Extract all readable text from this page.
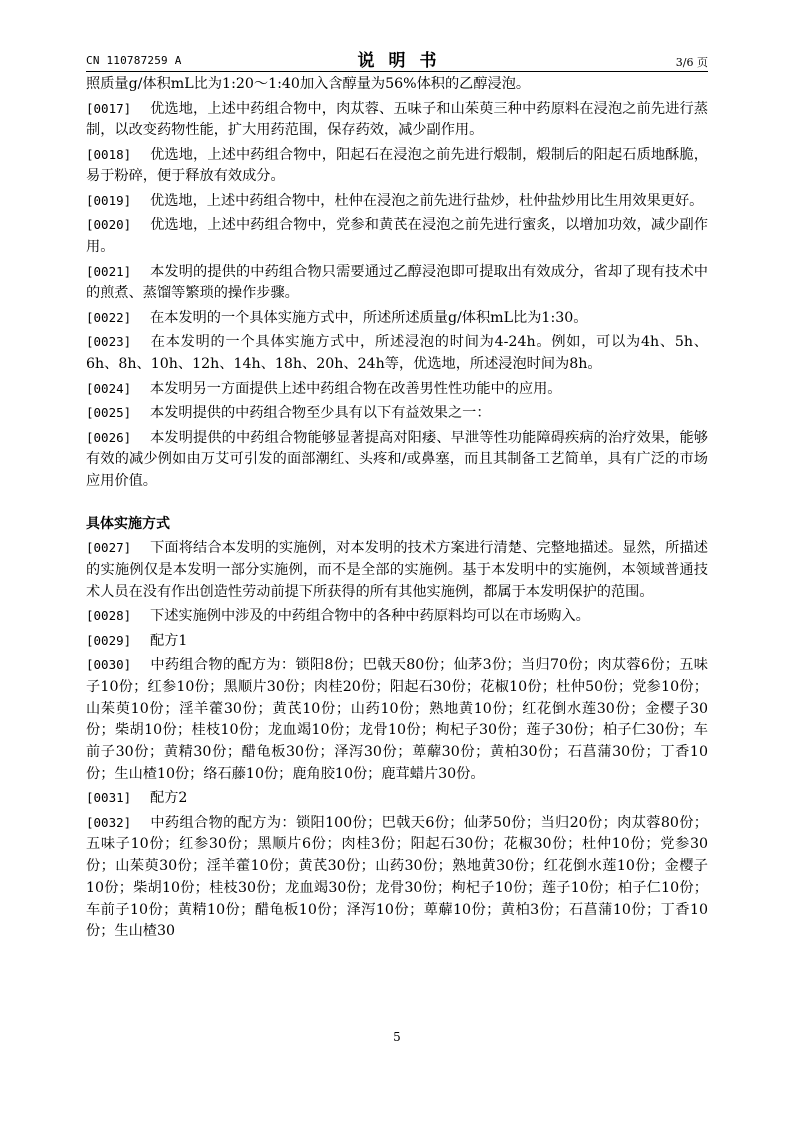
CN 110787259 A	说明书	3/6 页

照质量g/体积mL比为1:20～1:40加入含醇量为56%体积的乙醇浸泡。

[0017] 优选地，上述中药组合物中，肉苁蓉、五味子和山茱萸三种中药原料在浸泡之前先进行蒸制，以改变药物性能，扩大用药范围，保存药效，减少副作用。

[0018] 优选地，上述中药组合物中，阳起石在浸泡之前先进行煅制，煅制后的阳起石质地酥脆，易于粉碎，便于释放有效成分。

[0019] 优选地，上述中药组合物中，杜仲在浸泡之前先进行盐炒，杜仲盐炒用比生用效果更好。

[0020] 优选地，上述中药组合物中，党参和黄芪在浸泡之前先进行蜜炙，以增加功效，减少副作用。

[0021] 本发明的提供的中药组合物只需要通过乙醇浸泡即可提取出有效成分，省却了现有技术中的煎煮、蒸馏等繁琐的操作步骤。

[0022] 在本发明的一个具体实施方式中，所述所述质量g/体积mL比为1:30。

[0023] 在本发明的一个具体实施方式中，所述浸泡的时间为4-24h。例如，可以为4h、5h、6h、8h、10h、12h、14h、18h、20h、24h等，优选地，所述浸泡时间为8h。

[0024] 本发明另一方面提供上述中药组合物在改善男性性功能中的应用。

[0025] 本发明提供的中药组合物至少具有以下有益效果之一：

[0026] 本发明提供的中药组合物能够显著提高对阳痿、早泄等性功能障碍疾病的治疗效果，能够有效的减少例如由万艾可引发的面部潮红、头疼和/或鼻塞，而且其制备工艺简单，具有广泛的市场应用价值。

具体实施方式

[0027] 下面将结合本发明的实施例，对本发明的技术方案进行清楚、完整地描述。显然，所描述的实施例仅是本发明一部分实施例，而不是全部的实施例。基于本发明中的实施例，本领域普通技术人员在没有作出创造性劳动前提下所获得的所有其他实施例，都属于本发明保护的范围。

[0028] 下述实施例中涉及的中药组合物中的各种中药原料均可以在市场购入。

[0029] 配方1

[0030] 中药组合物的配方为：锁阳8份；巴戟天80份；仙茅3份；当归70份；肉苁蓉6份；五味子10份；红参10份；黑顺片30份；肉桂20份；阳起石30份；花椒10份；杜仲50份；党参10份；山茱萸10份；淫羊藿30份；黄芪10份；山药10份；熟地黄10份；红花倒水莲30份；金樱子30份；柴胡10份；桂枝10份；龙血竭10份；龙骨10份；枸杞子30份；莲子30份；柏子仁30份；车前子30份；黄精30份；醋龟板30份；泽泻30份；萆薢30份；黄柏30份；石菖蒲30份；丁香10份；生山楂10份；络石藤10份；鹿角胶10份；鹿茸蜡片30份。

[0031] 配方2

[0032] 中药组合物的配方为：锁阳100份；巴戟天6份；仙茅50份；当归20份；肉苁蓉80份；五味子10份；红参30份；黑顺片6份；肉桂3份；阳起石30份；花椒30份；杜仲10份；党参30份；山茱萸30份；淫羊藿10份；黄芪30份；山药30份；熟地黄30份；红花倒水莲10份；金樱子10份；柴胡10份；桂枝30份；龙血竭30份；龙骨30份；枸杞子10份；莲子10份；柏子仁10份；车前子10份；黄精10份；醋龟板10份；泽泻10份；萆薢10份；黄柏3份；石菖蒲10份；丁香10份；生山楂30

5
